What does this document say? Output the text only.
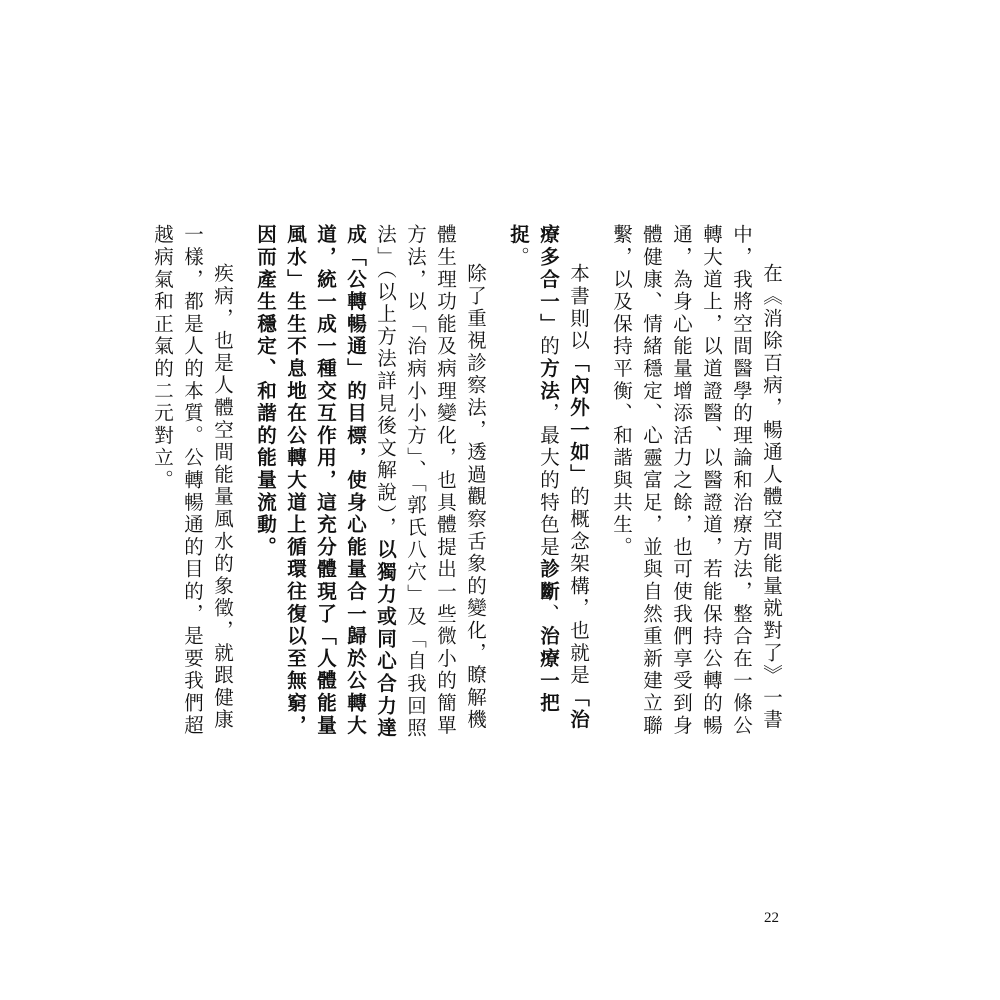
在《消除百病，暢通人體空間能量就對了》一書中，我將空間醫學的理論和治療方法，整合在一條公轉大道上，以道證醫、以醫證道，若能保持公轉的暢通，為身心能量增添活力之餘，也可使我們享受到身體健康、情緒穩定、心靈富足，並與自然重新建立聯繫，以及保持平衡、和諧與共生。

本書則以「內外一如」的概念架構，也就是「治療多合一」的方法，最大的特色是診斷、治療一把捉。

除了重視診察法，透過觀察舌象的變化，瞭解機體生理功能及病理變化，也具體提出一些微小的簡單方法，以「治病小小方」、「郭氏八穴」及「自我回照法」（以上方法詳見後文解說），以獨力或同心合力達成「公轉暢通」的目標，使身心能量合一歸於公轉大道，統一成一種交互作用，這充分體現了「人體能量風水」生生不息地在公轉大道上循環往復以至無窮，因而產生穩定、和諧的能量流動。

疾病，也是人體空間能量風水的象徵，就跟健康一樣，都是人的本質。公轉暢通的目的，是要我們超越病氣和正氣的二元對立。

22
